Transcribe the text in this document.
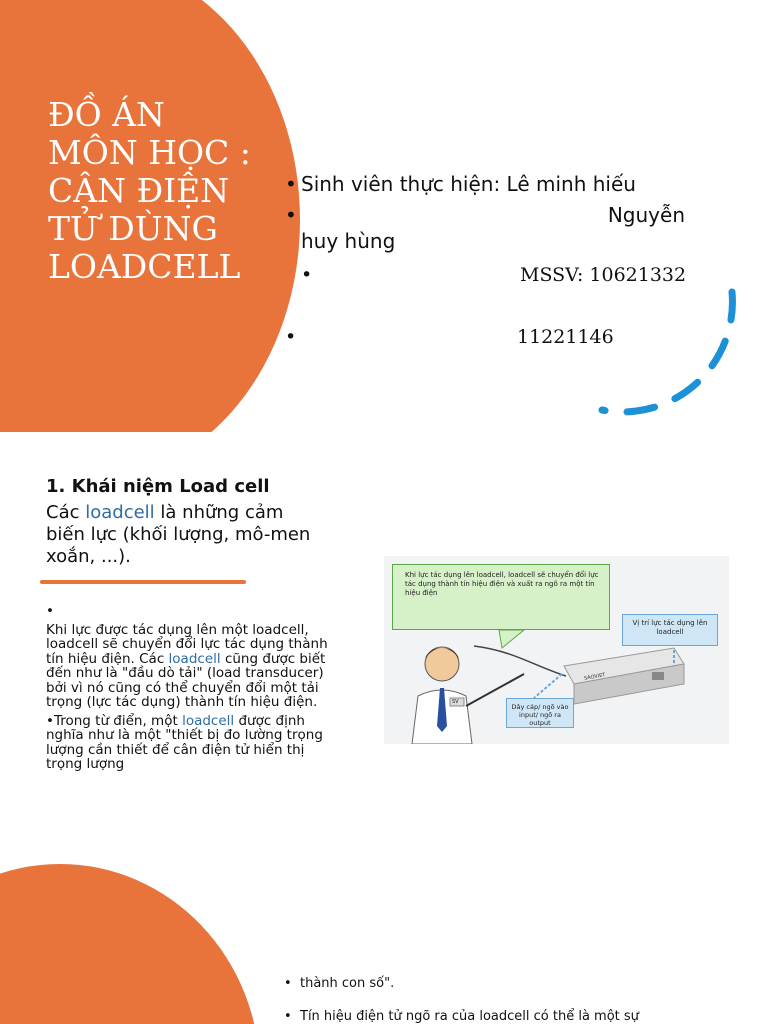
ĐỒ ÁN MÔN HỌC : CÂN ĐIỆN TỬ DÙNG LOADCELL
• Sinh viên thực hiện: Lê minh hiếu
•	Nguyễn
huy hùng
•	MSSV: 10621332
•	11221146
1. Khái niệm Load cell
Các loadcell là những cảm biến lực (khối lượng, mô-men xoắn, ...).

•

Khi lực được tác dụng lên một loadcell, loadcell sẽ chuyển đổi lực tác dụng thành tín hiệu điện. Các loadcell cũng được biết đến như là "đầu dò tải" (load transducer) bởi vì nó cũng có thể chuyển đổi một tải trọng (lực tác dụng) thành tín hiệu điện.

•Trong từ điển, một loadcell được định nghĩa như là một "thiết bị đo lường trọng lượng cần thiết để cân điện tử hiển thị trọng lượng

Khi lực tác dụng lên loadcell, loadcell sẽ chuyển đổi lực tác dụng thành tín hiệu điện và xuất ra ngõ ra một tín hiệu điện
Vị trí lực tác dụng lên loadcell
Dây cáp/ ngõ vào input/ ngõ ra output
SV
SAOVIET
• thành con số".
• Tín hiệu điện tử ngõ ra của loadcell có thể là một sự
